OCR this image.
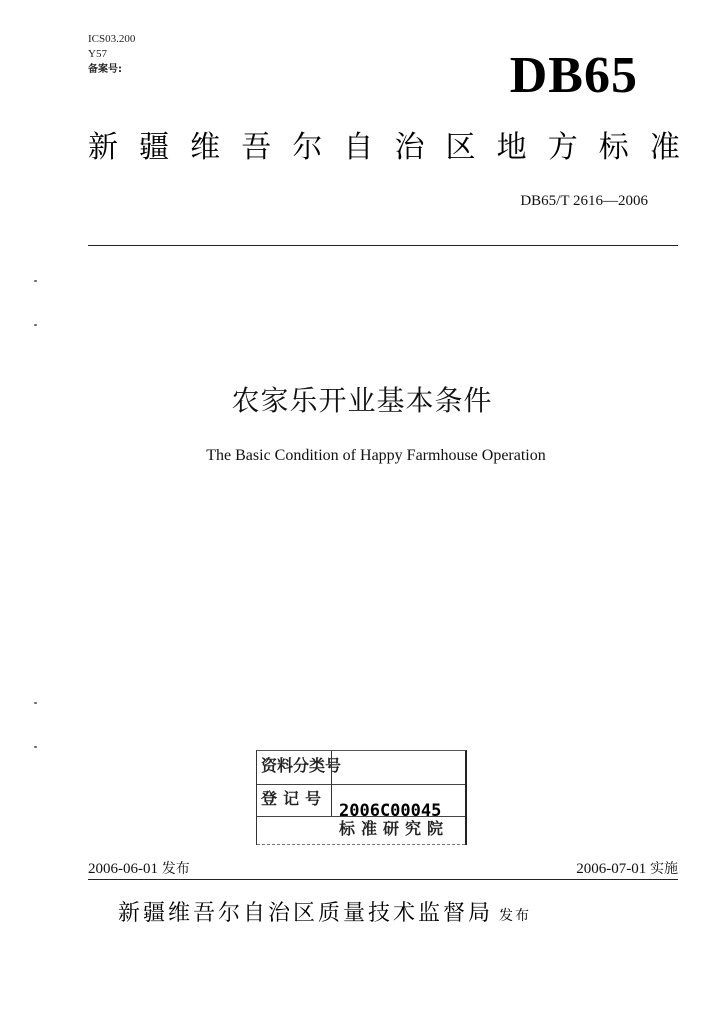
ICS03.200
Y57
备案号:	DB65
新 疆 维 吾 尔 自 治 区 地 方 标 准
DB65/T 2616—2006
农家乐开业基本条件
The Basic Condition of Happy Farmhouse Operation
资料分类号
登记号
2006C00045
标准研究院
2006-06-01 发布	2006-07-01 实施
新疆维吾尔自治区质量技术监督局 发布
